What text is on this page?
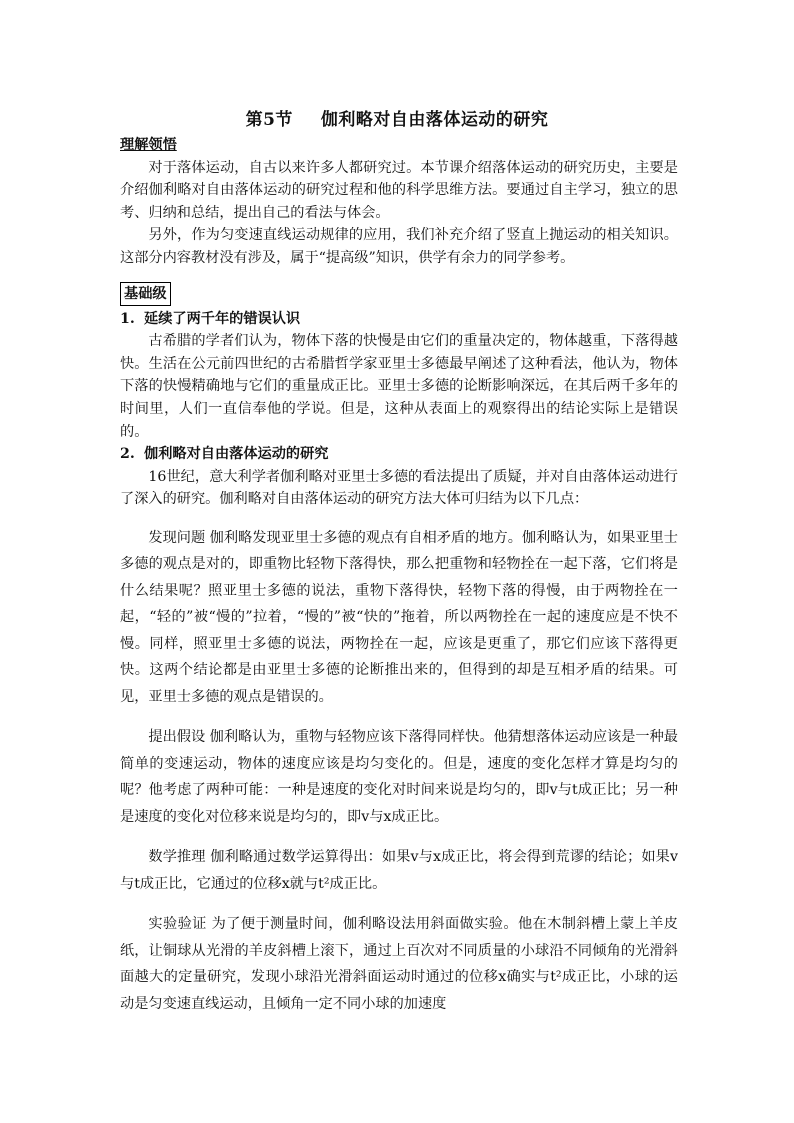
第5节 伽利略对自由落体运动的研究

理解领悟

对于落体运动，自古以来许多人都研究过。本节课介绍落体运动的研究历史，主要是介绍伽利略对自由落体运动的研究过程和他的科学思维方法。要通过自主学习，独立的思考、归纳和总结，提出自己的看法与体会。

另外，作为匀变速直线运动规律的应用，我们补充介绍了竖直上抛运动的相关知识。这部分内容教材没有涉及，属于“提高级”知识，供学有余力的同学参考。

基础级

1. 延续了两千年的错误认识

古希腊的学者们认为，物体下落的快慢是由它们的重量决定的，物体越重，下落得越快。生活在公元前四世纪的古希腊哲学家亚里士多德最早阐述了这种看法，他认为，物体下落的快慢精确地与它们的重量成正比。亚里士多德的论断影响深远，在其后两千多年的时间里，人们一直信奉他的学说。但是，这种从表面上的观察得出的结论实际上是错误的。

2. 伽利略对自由落体运动的研究

16世纪，意大利学者伽利略对亚里士多德的看法提出了质疑，并对自由落体运动进行了深入的研究。伽利略对自由落体运动的研究方法大体可归结为以下几点：

发现问题 伽利略发现亚里士多德的观点有自相矛盾的地方。伽利略认为，如果亚里士多德的观点是对的，即重物比轻物下落得快，那么把重物和轻物拴在一起下落，它们将是什么结果呢？照亚里士多德的说法，重物下落得快，轻物下落的得慢，由于两物拴在一起，“轻的”被“慢的”拉着，“慢的”被“快的”拖着，所以两物拴在一起的速度应是不快不慢。同样，照亚里士多德的说法，两物拴在一起，应该是更重了，那它们应该下落得更快。这两个结论都是由亚里士多德的论断推出来的，但得到的却是互相矛盾的结果。可见，亚里士多德的观点是错误的。

提出假设 伽利略认为，重物与轻物应该下落得同样快。他猜想落体运动应该是一种最简单的变速运动，物体的速度应该是均匀变化的。但是，速度的变化怎样才算是均匀的呢？他考虑了两种可能：一种是速度的变化对时间来说是均匀的，即v与t成正比；另一种是速度的变化对位移来说是均匀的，即v与x成正比。

数学推理 伽利略通过数学运算得出：如果v与x成正比，将会得到荒谬的结论；如果v与t成正比，它通过的位移x就与t²成正比。

实验验证 为了便于测量时间，伽利略设法用斜面做实验。他在木制斜槽上蒙上羊皮纸，让铜球从光滑的羊皮斜槽上滚下，通过上百次对不同质量的小球沿不同倾角的光滑斜面越大的定量研究，发现小球沿光滑斜面运动时通过的位移x确实与t²成正比，小球的运动是匀变速直线运动，且倾角一定不同小球的加速度
